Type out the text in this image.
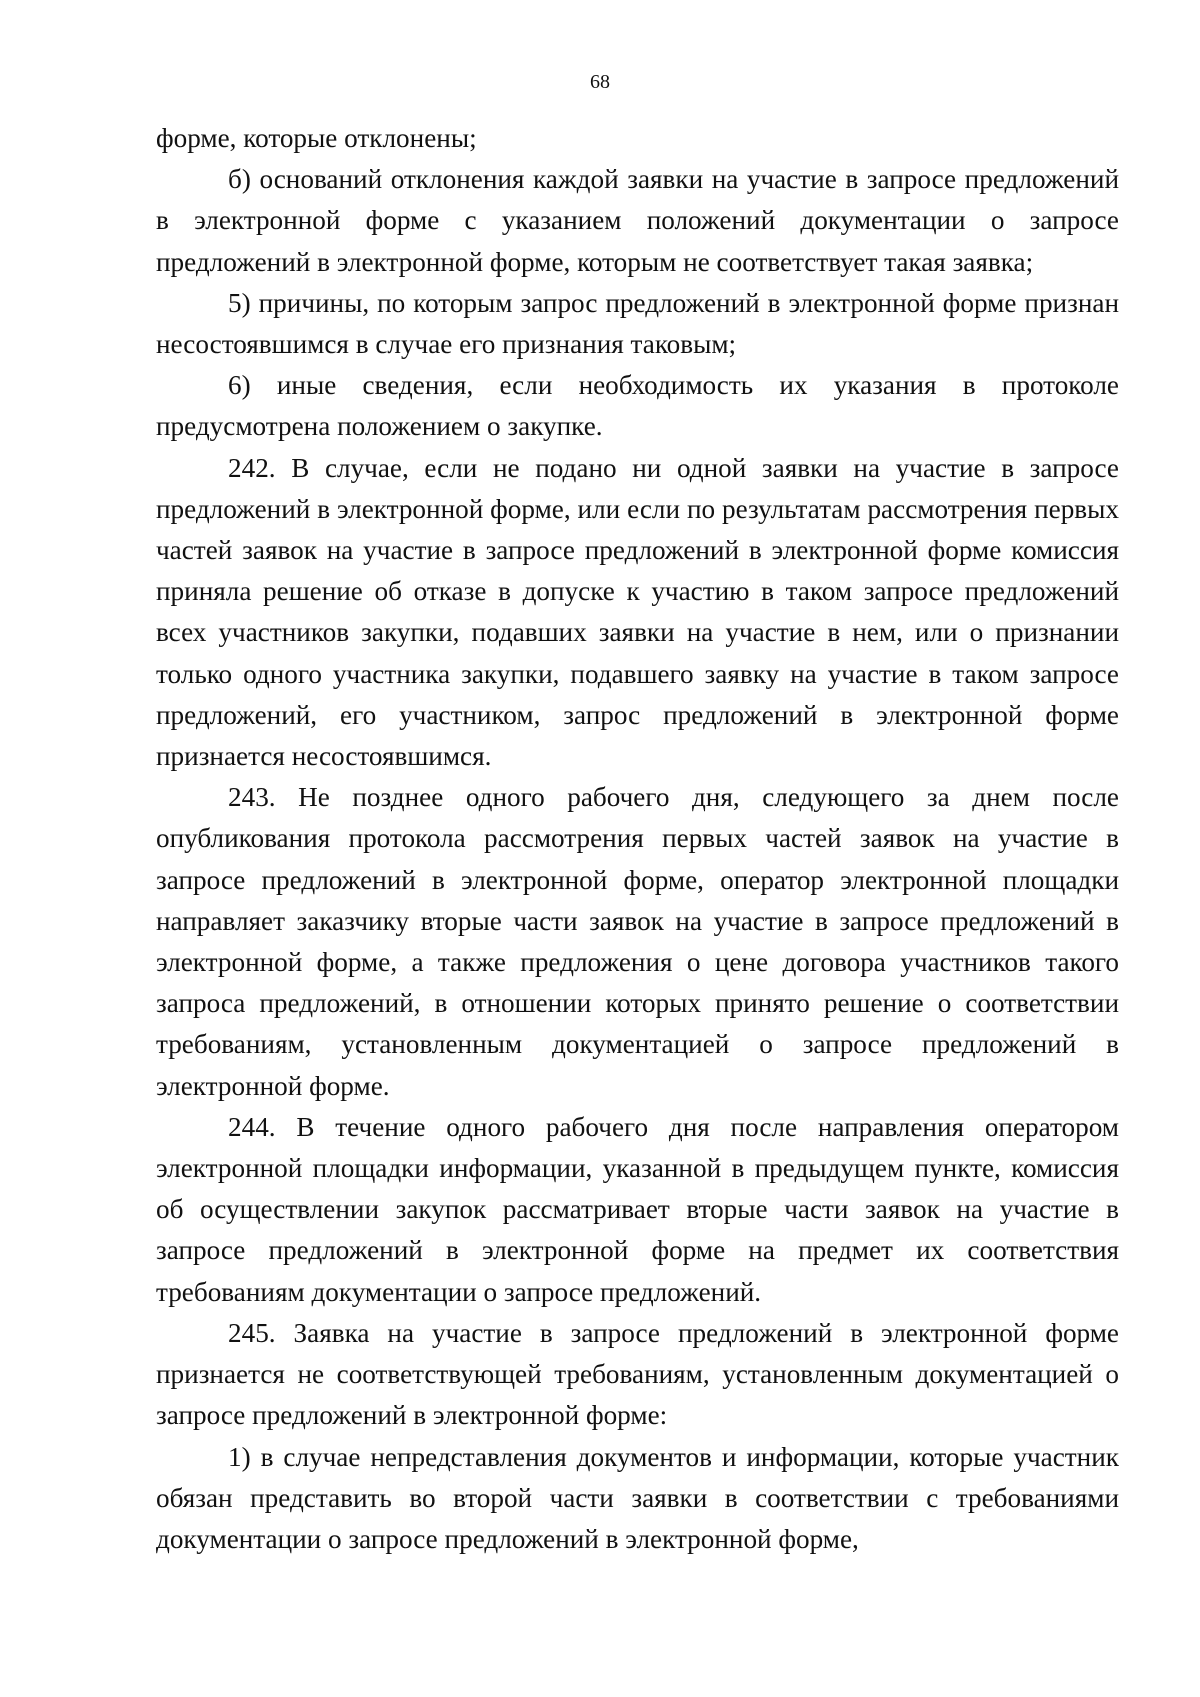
68

форме, которые отклонены;

б) оснований отклонения каждой заявки на участие в запросе предложений в электронной форме с указанием положений документации о запросе предложений в электронной форме, которым не соответствует такая заявка;

5) причины, по которым запрос предложений в электронной форме признан несостоявшимся в случае его признания таковым;

6) иные сведения, если необходимость их указания в протоколе предусмотрена положением о закупке.

242. В случае, если не подано ни одной заявки на участие в запросе предложений в электронной форме, или если по результатам рассмотрения первых частей заявок на участие в запросе предложений в электронной форме комиссия приняла решение об отказе в допуске к участию в таком запросе предложений всех участников закупки, подавших заявки на участие в нем, или о признании только одного участника закупки, подавшего заявку на участие в таком запросе предложений, его участником, запрос предложений в электронной форме признается несостоявшимся.

243. Не позднее одного рабочего дня, следующего за днем после опубликования протокола рассмотрения первых частей заявок на участие в запросе предложений в электронной форме, оператор электронной площадки направляет заказчику вторые части заявок на участие в запросе предложений в электронной форме, а также предложения о цене договора участников такого запроса предложений, в отношении которых принято решение о соответствии требованиям, установленным документацией о запросе предложений в электронной форме.

244. В течение одного рабочего дня после направления оператором электронной площадки информации, указанной в предыдущем пункте, комиссия об осуществлении закупок рассматривает вторые части заявок на участие в запросе предложений в электронной форме на предмет их соответствия требованиям документации о запросе предложений.

245. Заявка на участие в запросе предложений в электронной форме признается не соответствующей требованиям, установленным документацией о запросе предложений в электронной форме:

1) в случае непредставления документов и информации, которые участник обязан представить во второй части заявки в соответствии с требованиями документации о запросе предложений в электронной форме,
